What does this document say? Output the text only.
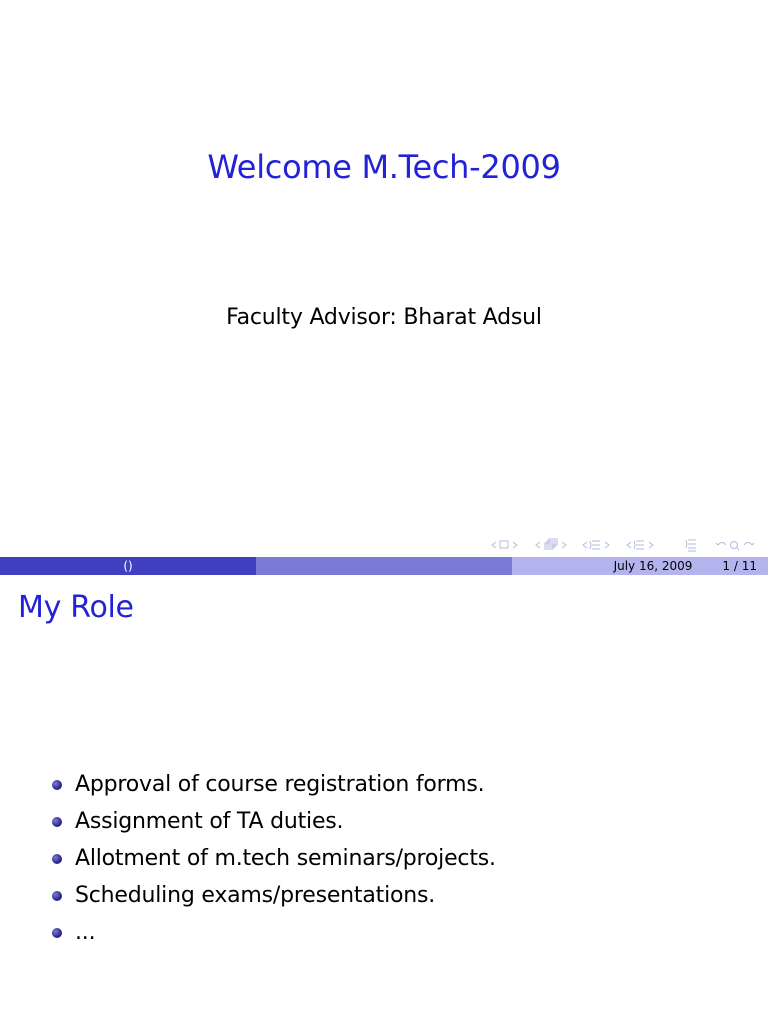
Welcome M.Tech-2009
Faculty Advisor: Bharat Adsul
()	July 16, 2009	1 / 11
My Role
Approval of course registration forms.
Assignment of TA duties.
Allotment of m.tech seminars/projects.
Scheduling exams/presentations.
...
